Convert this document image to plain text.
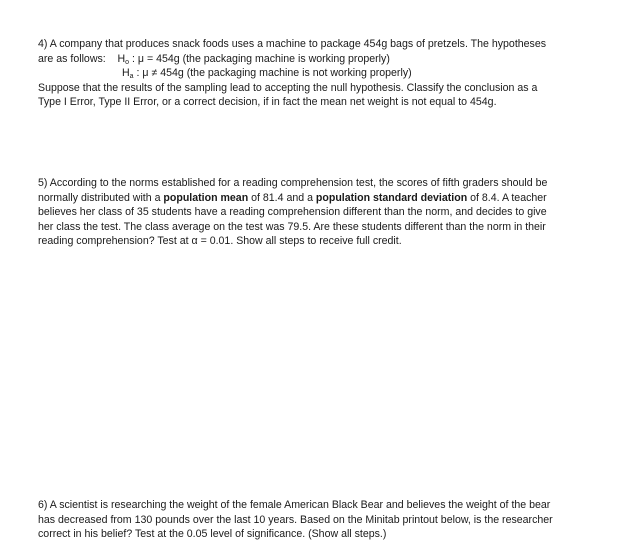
4) A company that produces snack foods uses a machine to package 454g bags of pretzels. The hypotheses
are as follows: $H_o$ : μ = 454g (the packaging machine is working properly)
$H_a$ : μ ≠ 454g (the packaging machine is not working properly)
Suppose that the results of the sampling lead to accepting the null hypothesis. Classify the conclusion as a
Type I Error, Type II Error, or a correct decision, if in fact the mean net weight is not equal to 454g.
5) According to the norms established for a reading comprehension test, the scores of fifth graders should be
normally distributed with a population mean of 81.4 and a population standard deviation of 8.4. A teacher
believes her class of 35 students have a reading comprehension different than the norm, and decides to give
her class the test. The class average on the test was 79.5. Are these students different than the norm in their
reading comprehension? Test at α = 0.01. Show all steps to receive full credit.
6) A scientist is researching the weight of the female American Black Bear and believes the weight of the bear
has decreased from 130 pounds over the last 10 years. Based on the Minitab printout below, is the researcher
correct in his belief? Test at the 0.05 level of significance. (Show all steps.)
